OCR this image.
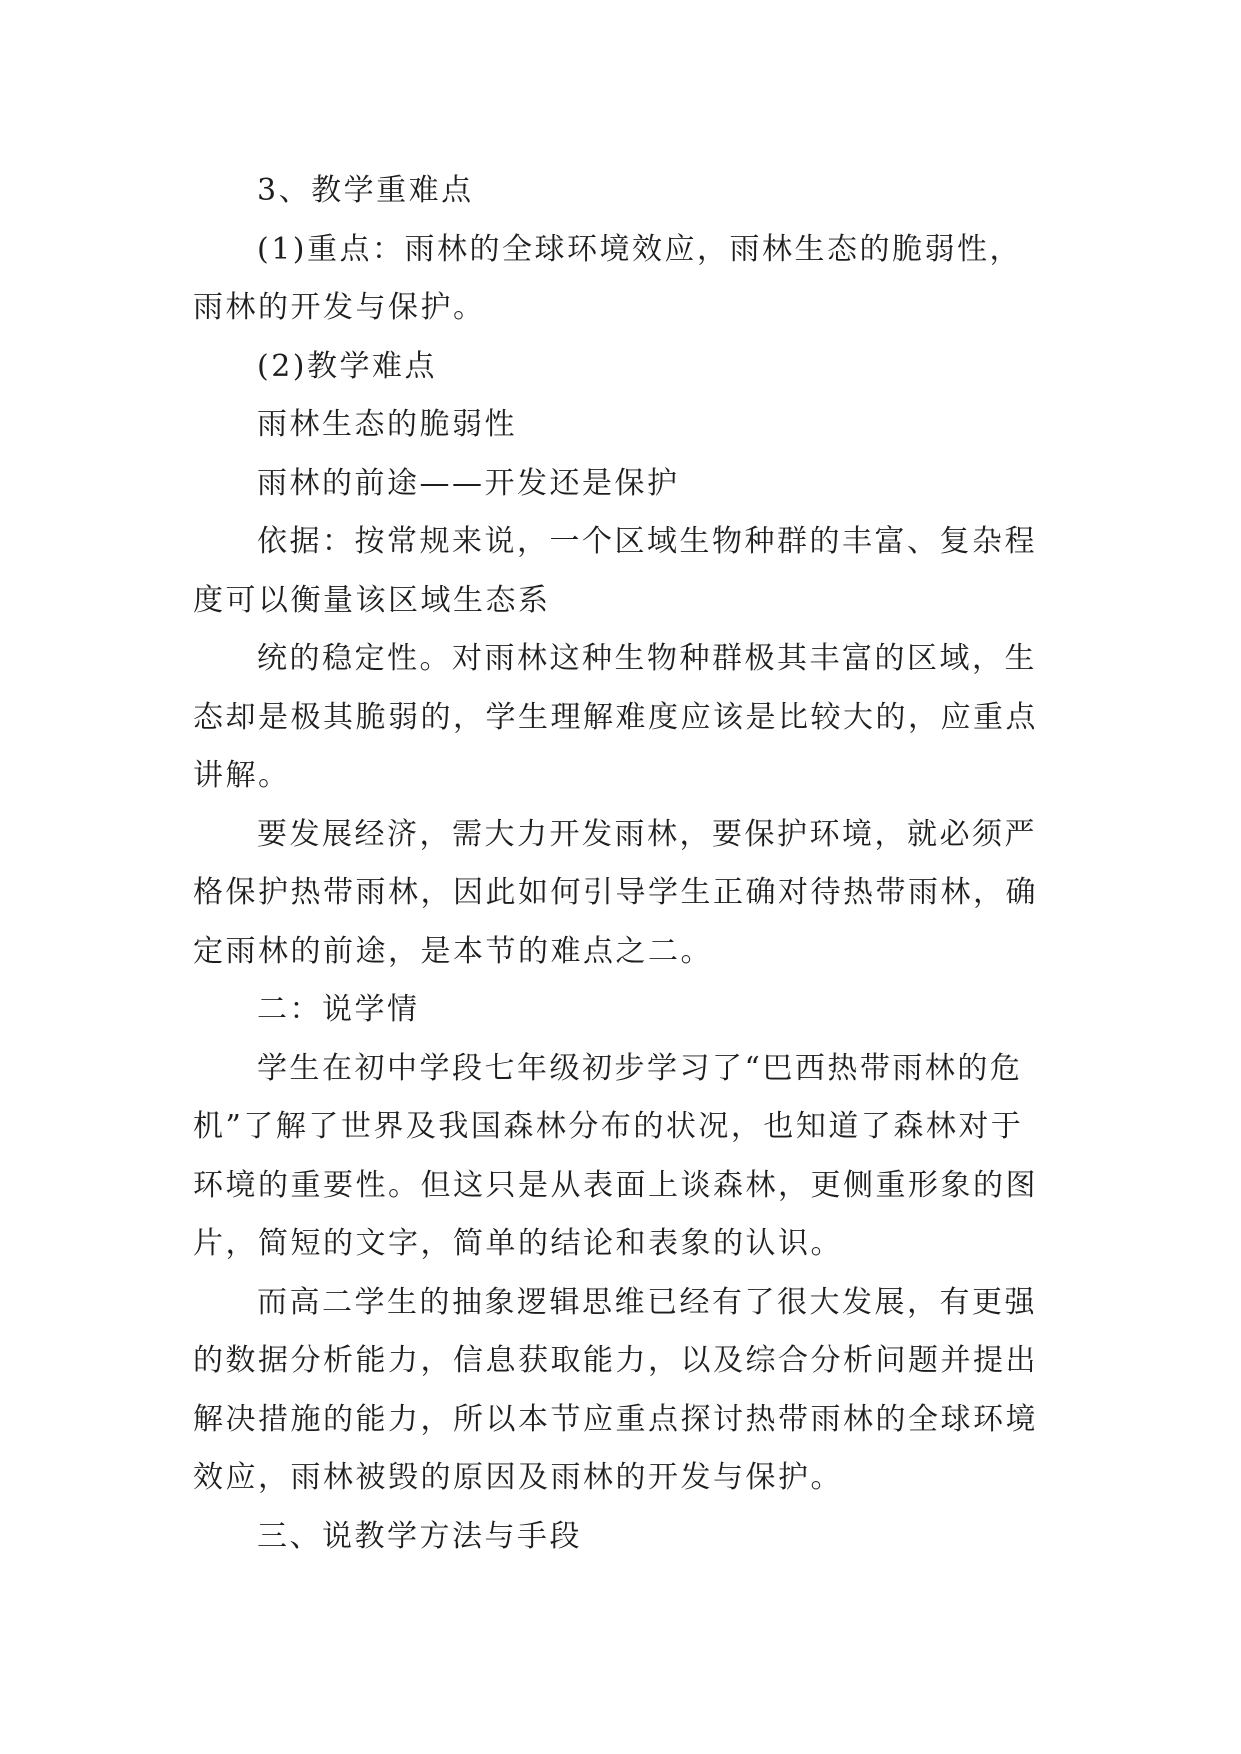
3、教学重难点
(1)重点：雨林的全球环境效应，雨林生态的脆弱性，
雨林的开发与保护。
(2)教学难点
雨林生态的脆弱性
雨林的前途——开发还是保护
依据：按常规来说，一个区域生物种群的丰富、复杂程
度可以衡量该区域生态系
统的稳定性。对雨林这种生物种群极其丰富的区域，生
态却是极其脆弱的，学生理解难度应该是比较大的，应重点
讲解。
要发展经济，需大力开发雨林，要保护环境，就必须严
格保护热带雨林，因此如何引导学生正确对待热带雨林，确
定雨林的前途，是本节的难点之二。
二：说学情
学生在初中学段七年级初步学习了“巴西热带雨林的危
机”了解了世界及我国森林分布的状况，也知道了森林对于
环境的重要性。但这只是从表面上谈森林，更侧重形象的图
片，简短的文字，简单的结论和表象的认识。
而高二学生的抽象逻辑思维已经有了很大发展，有更强
的数据分析能力，信息获取能力，以及综合分析问题并提出
解决措施的能力，所以本节应重点探讨热带雨林的全球环境
效应，雨林被毁的原因及雨林的开发与保护。
三、说教学方法与手段
